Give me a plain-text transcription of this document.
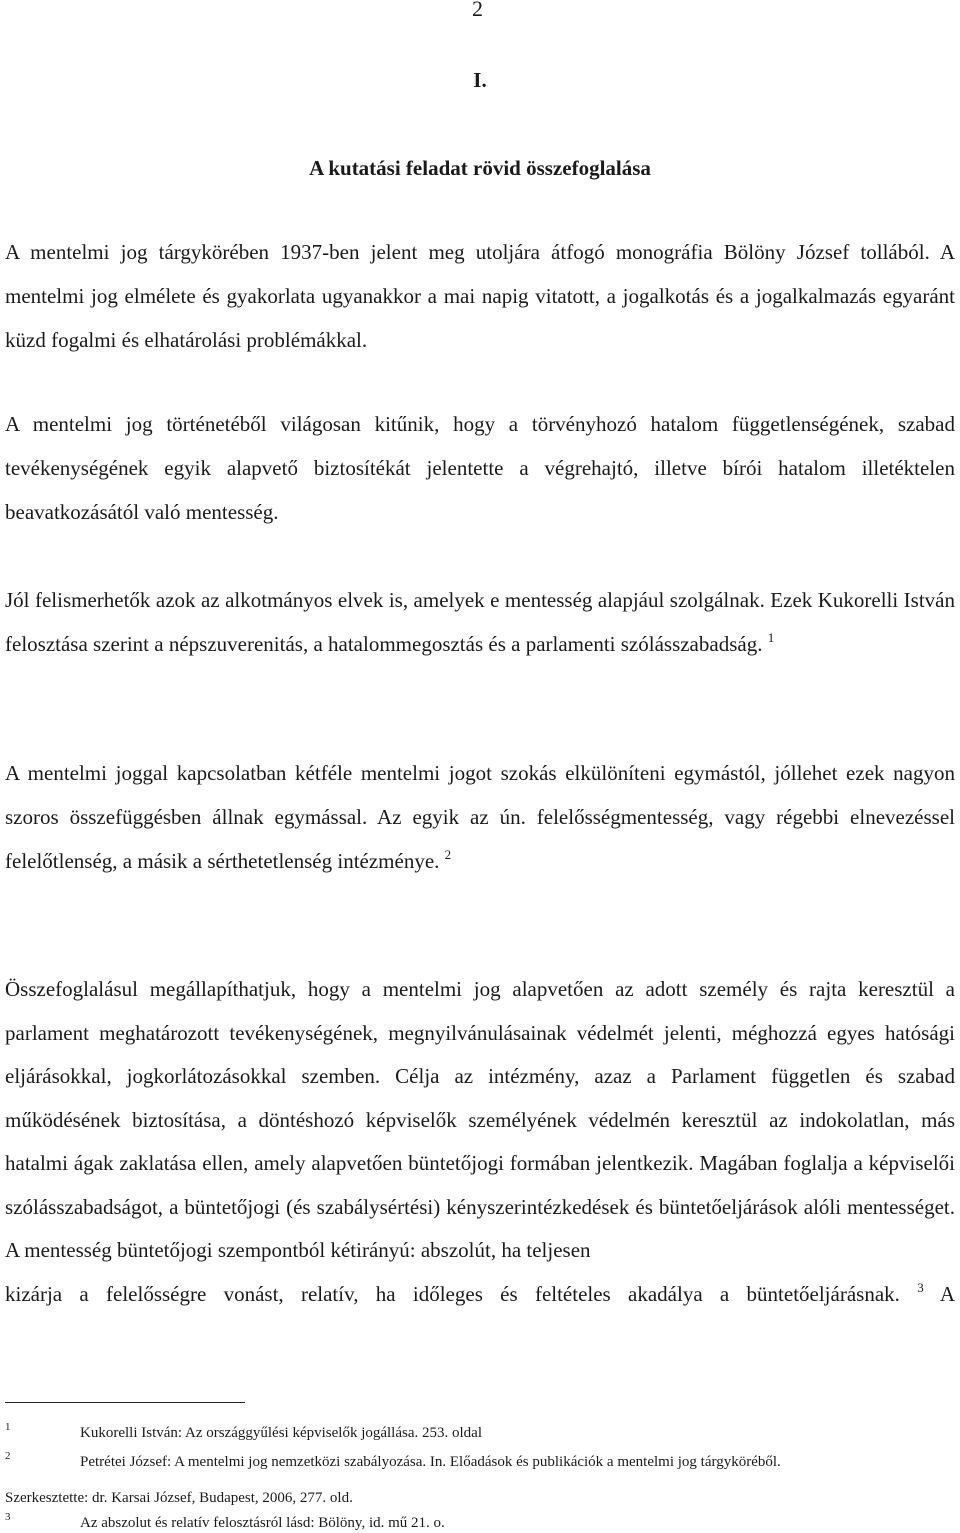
2
I.
A kutatási feladat rövid összefoglalása

A mentelmi jog tárgykörében 1937-ben jelent meg utoljára átfogó monográfia Bölöny József tollából. A mentelmi jog elmélete és gyakorlata ugyanakkor a mai napig vitatott, a jogalkotás és a jogalkalmazás egyaránt küzd fogalmi és elhatárolási problémákkal.

A mentelmi jog történetéből világosan kitűnik, hogy a törvényhozó hatalom függetlenségének, szabad tevékenységének egyik alapvető biztosítékát jelentette a végrehajtó, illetve bírói hatalom illetéktelen beavatkozásától való mentesség.

Jól felismerhetők azok az alkotmányos elvek is, amelyek e mentesség alapjául szolgálnak. Ezek Kukorelli István felosztása szerint a népszuverenitás, a hatalommegosztás és a parlamenti szólásszabadság. $^1$

A mentelmi joggal kapcsolatban kétféle mentelmi jogot szokás elkülöníteni egymástól, jóllehet ezek nagyon szoros összefüggésben állnak egymással. Az egyik az ún. felelősségmentesség, vagy régebbi elnevezéssel felelőtlenség, a másik a sérthetetlenség intézménye. $^2$

Összefoglalásul megállapíthatjuk, hogy a mentelmi jog alapvetően az adott személy és rajta keresztül a parlament meghatározott tevékenységének, megnyilvánulásainak védelmét jelenti, méghozzá egyes hatósági eljárásokkal, jogkorlátozásokkal szemben. Célja az intézmény, azaz a Parlament független és szabad működésének biztosítása, a döntéshozó képviselők személyének védelmén keresztül az indokolatlan, más hatalmi ágak zaklatása ellen, amely alapvetően büntetőjogi formában jelentkezik. Magában foglalja a képviselői szólásszabadságot, a büntetőjogi (és szabálysértési) kényszerintézkedések és büntetőeljárások alóli mentességet. A mentesség büntetőjogi szempontból kétirányú: abszolút, ha teljesen
kizárja a felelősségre vonást, relatív, ha időleges és feltételes akadálya a büntetőeljárásnak. $^3$ A

1	Kukorelli István: Az országgyűlési képviselők jogállása. 253. oldal
2	Petrétei József: A mentelmi jog nemzetközi szabályozása. In. Előadások és publikációk a mentelmi jog tárgyköréből.
Szerkesztette: dr. Karsai József, Budapest, 2006, 277. old.
3	Az abszolut és relatív felosztásról lásd: Bölöny, id. mű 21. o.
